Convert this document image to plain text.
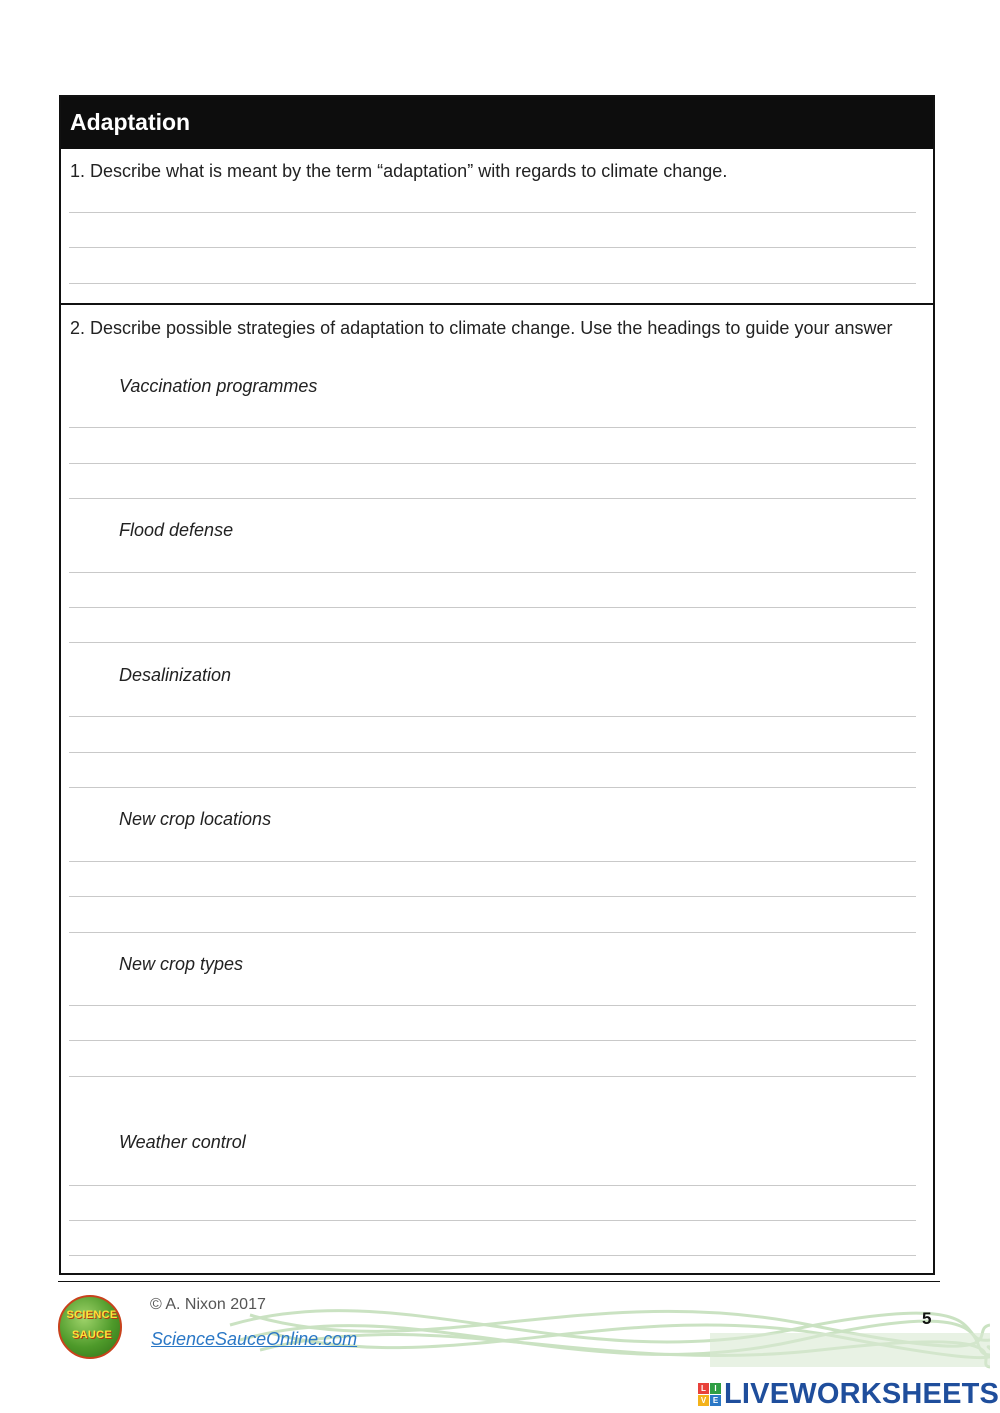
Adaptation
1. Describe what is meant by the term “adaptation” with regards to climate change.
2. Describe possible strategies of adaptation to climate change. Use the headings to guide your answer
Vaccination programmes
Flood defense
Desalinization
New crop locations
New crop types
Weather control
SCIENCE
SAUCE
© A. Nixon 2017
ScienceSauceOnline.com
5
L	I
V E LIVEWORKSHEETS
